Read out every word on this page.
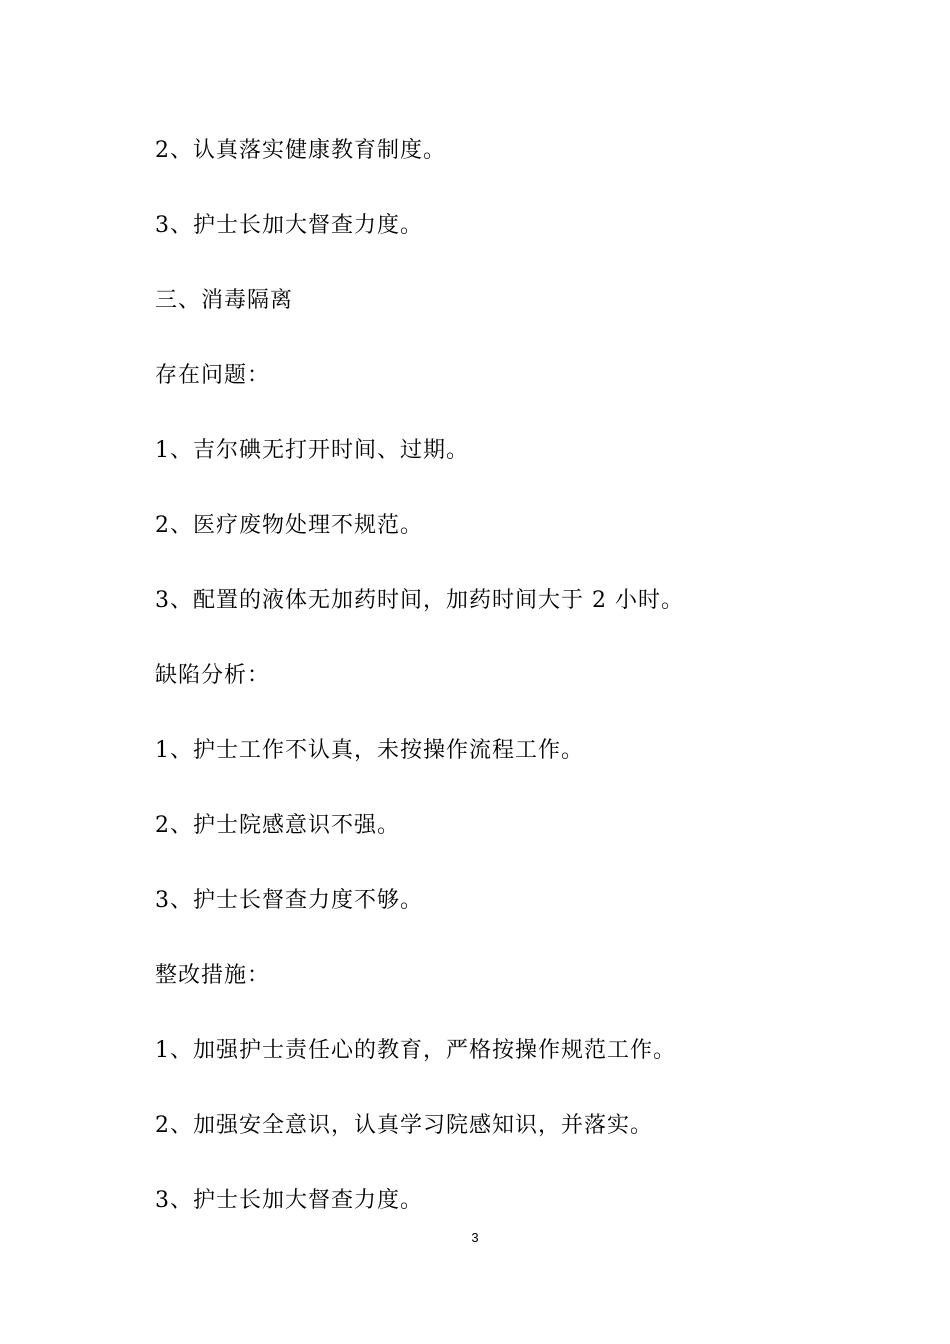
2、认真落实健康教育制度。
3、护士长加大督查力度。
三、消毒隔离
存在问题：
1、吉尔碘无打开时间、过期。
2、医疗废物处理不规范。
3、配置的液体无加药时间，加药时间大于 2 小时。
缺陷分析：
1、护士工作不认真，未按操作流程工作。
2、护士院感意识不强。
3、护士长督查力度不够。
整改措施：
1、加强护士责任心的教育，严格按操作规范工作。
2、加强安全意识，认真学习院感知识，并落实。
3、护士长加大督查力度。
3
